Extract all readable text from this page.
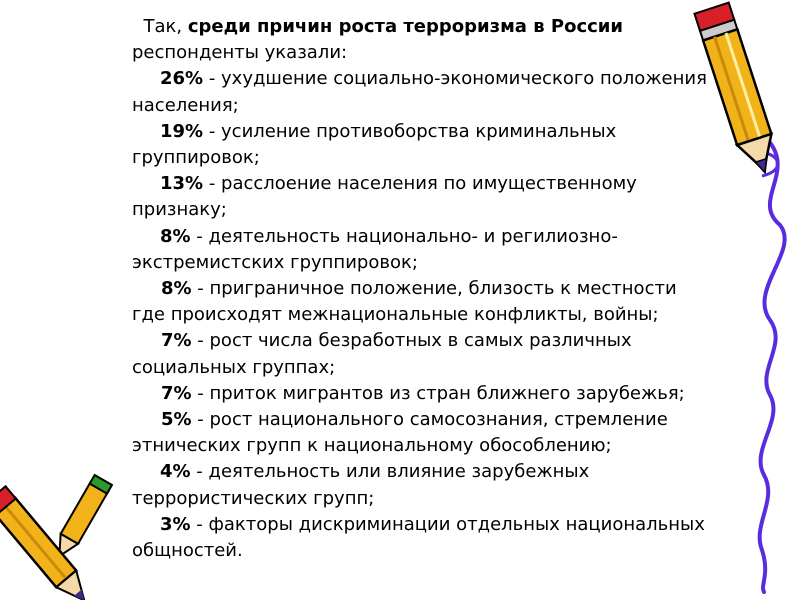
Так, среди причин роста терроризма в России
респонденты указали:
26% - ухудшение социально-экономического положения
населения;
19% - усиление противоборства криминальных
группировок;
13% - расслоение населения по имущественному
признаку;
8% - деятельность национально- и регилиозно-
экстремистских группировок;
8% - приграничное положение, близость к местности
где происходят межнациональные конфликты, войны;
7% - рост числа безработных в самых различных
социальных группах;
7% - приток мигрантов из стран ближнего зарубежья;
5% - рост национального самосознания, стремление
этнических групп к национальному обособлению;
4% - деятельность или влияние зарубежных
террористических групп;
3% - факторы дискриминации отдельных национальных
общностей.
